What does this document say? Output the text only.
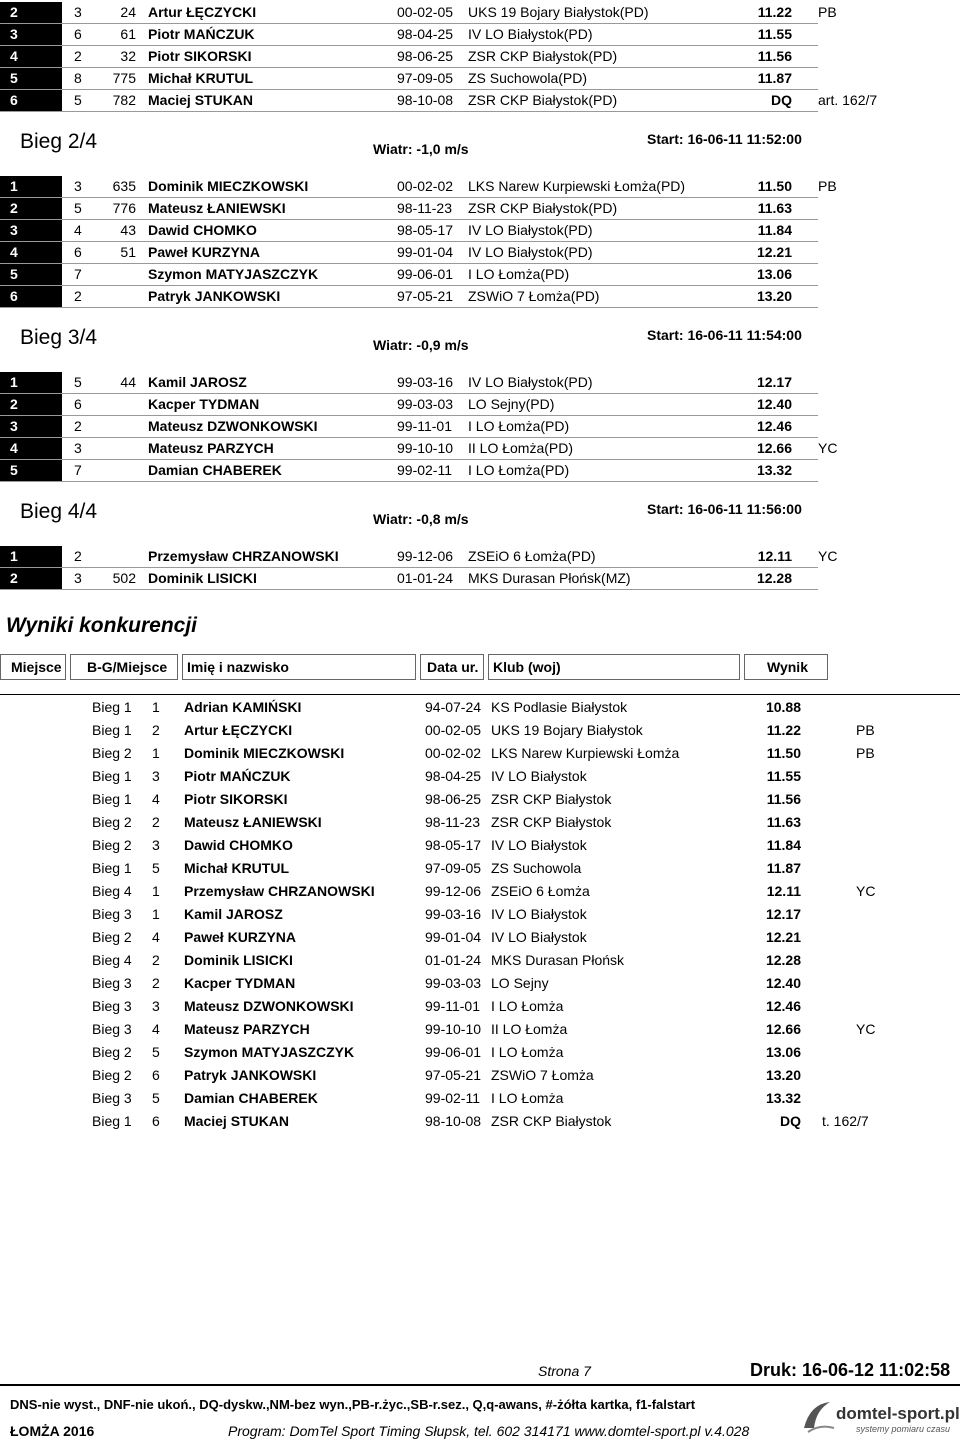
2	3	24 Artur ŁĘCZYCKI	00-02-05 UKS 19 Bojary Białystok(PD)	11.22 PB
3	6	61 Piotr MAŃCZUK	98-04-25 IV LO Białystok(PD)	11.55
4	2	32 Piotr SIKORSKI	98-06-25 ZSR CKP Białystok(PD)	11.56
5	8	775 Michał KRUTUL	97-09-05 ZS Suchowola(PD)	11.87
6	5	782 Maciej STUKAN	98-10-08 ZSR CKP Białystok(PD)	DQ art. 162/7
Bieg 2/4	Wiatr: -1,0 m/s
Start: 16-06-11 11:52:00
1	3	635 Dominik MIECZKOWSKI	00-02-02 LKS Narew Kurpiewski Łomża(PD)	11.50 PB
2	5	776 Mateusz ŁANIEWSKI	98-11-23 ZSR CKP Białystok(PD)	11.63
3	4	43 Dawid CHOMKO	98-05-17 IV LO Białystok(PD)	11.84
4	6	51 Paweł KURZYNA	99-01-04 IV LO Białystok(PD)	12.21
5	7	Szymon MATYJASZCZYK	99-06-01 I LO Łomża(PD)	13.06
6	2	Patryk JANKOWSKI	97-05-21 ZSWiO 7 Łomża(PD)	13.20
Bieg 3/4	Wiatr: -0,9 m/s
Start: 16-06-11 11:54:00
1	5	44 Kamil JAROSZ	99-03-16 IV LO Białystok(PD)	12.17
2	6	Kacper TYDMAN	99-03-03 LO Sejny(PD)	12.40
3	2	Mateusz DZWONKOWSKI	99-11-01 I LO Łomża(PD)	12.46
4	3	Mateusz PARZYCH	99-10-10 II LO Łomża(PD)	12.66 YC
5	7	Damian CHABEREK	99-02-11 I LO Łomża(PD)	13.32
Bieg 4/4	Wiatr: -0,8 m/s
Start: 16-06-11 11:56:00
1	2	Przemysław CHRZANOWSKI	99-12-06 ZSEiO 6 Łomża(PD)	12.11 YC
2	3	502 Dominik LISICKI	01-01-24 MKS Durasan Płońsk(MZ)	12.28
Wyniki konkurencji
Miejsce	B-G/Miejsce	Imię i nazwisko	Data ur.	Klub (woj)	Wynik
Bieg 1 1 Adrian KAMIŃSKI	94-07-24 KS Podlasie Białystok	10.88
Bieg 1 2 Artur ŁĘCZYCKI	00-02-05 UKS 19 Bojary Białystok	11.22	PB
Bieg 2 1 Dominik MIECZKOWSKI	00-02-02 LKS Narew Kurpiewski Łomża	11.50	PB
Bieg 1 3 Piotr MAŃCZUK	98-04-25 IV LO Białystok	11.55
Bieg 1 4 Piotr SIKORSKI	98-06-25 ZSR CKP Białystok	11.56
Bieg 2 2 Mateusz ŁANIEWSKI	98-11-23 ZSR CKP Białystok	11.63
Bieg 2 3 Dawid CHOMKO	98-05-17 IV LO Białystok	11.84
Bieg 1 5 Michał KRUTUL	97-09-05 ZS Suchowola	11.87
Bieg 4 1 Przemysław CHRZANOWSKI	99-12-06 ZSEiO 6 Łomża	12.11	YC
Bieg 3 1 Kamil JAROSZ	99-03-16 IV LO Białystok	12.17
Bieg 2 4 Paweł KURZYNA	99-01-04 IV LO Białystok	12.21
Bieg 4 2 Dominik LISICKI	01-01-24 MKS Durasan Płońsk	12.28
Bieg 3 2 Kacper TYDMAN	99-03-03 LO Sejny	12.40
Bieg 3 3 Mateusz DZWONKOWSKI	99-11-01 I LO Łomża	12.46
Bieg 3 4 Mateusz PARZYCH	99-10-10 II LO Łomża	12.66	YC
Bieg 2 5 Szymon MATYJASZCZYK	99-06-01 I LO Łomża	13.06
Bieg 2 6 Patryk JANKOWSKI	97-05-21 ZSWiO 7 Łomża	13.20
Bieg 3 5 Damian CHABEREK	99-02-11 I LO Łomża	13.32
Bieg 1 6 Maciej STUKAN	98-10-08 ZSR CKP Białystok	DQ t. 162/7
Strona 7	Druk: 16-06-12 11:02:58
DNS-nie wyst., DNF-nie ukoń., DQ-dyskw.,NM-bez wyn.,PB-r.życ.,SB-r.sez., Q,q-awans, #-żółta kartka, f1-falstart
ŁOMŻA 2016	Program: DomTel Sport Timing Słupsk, tel. 602 314171 www.domtel-sport.pl v.4.028
domtel-sport.pl
systemy pomiaru czasu
